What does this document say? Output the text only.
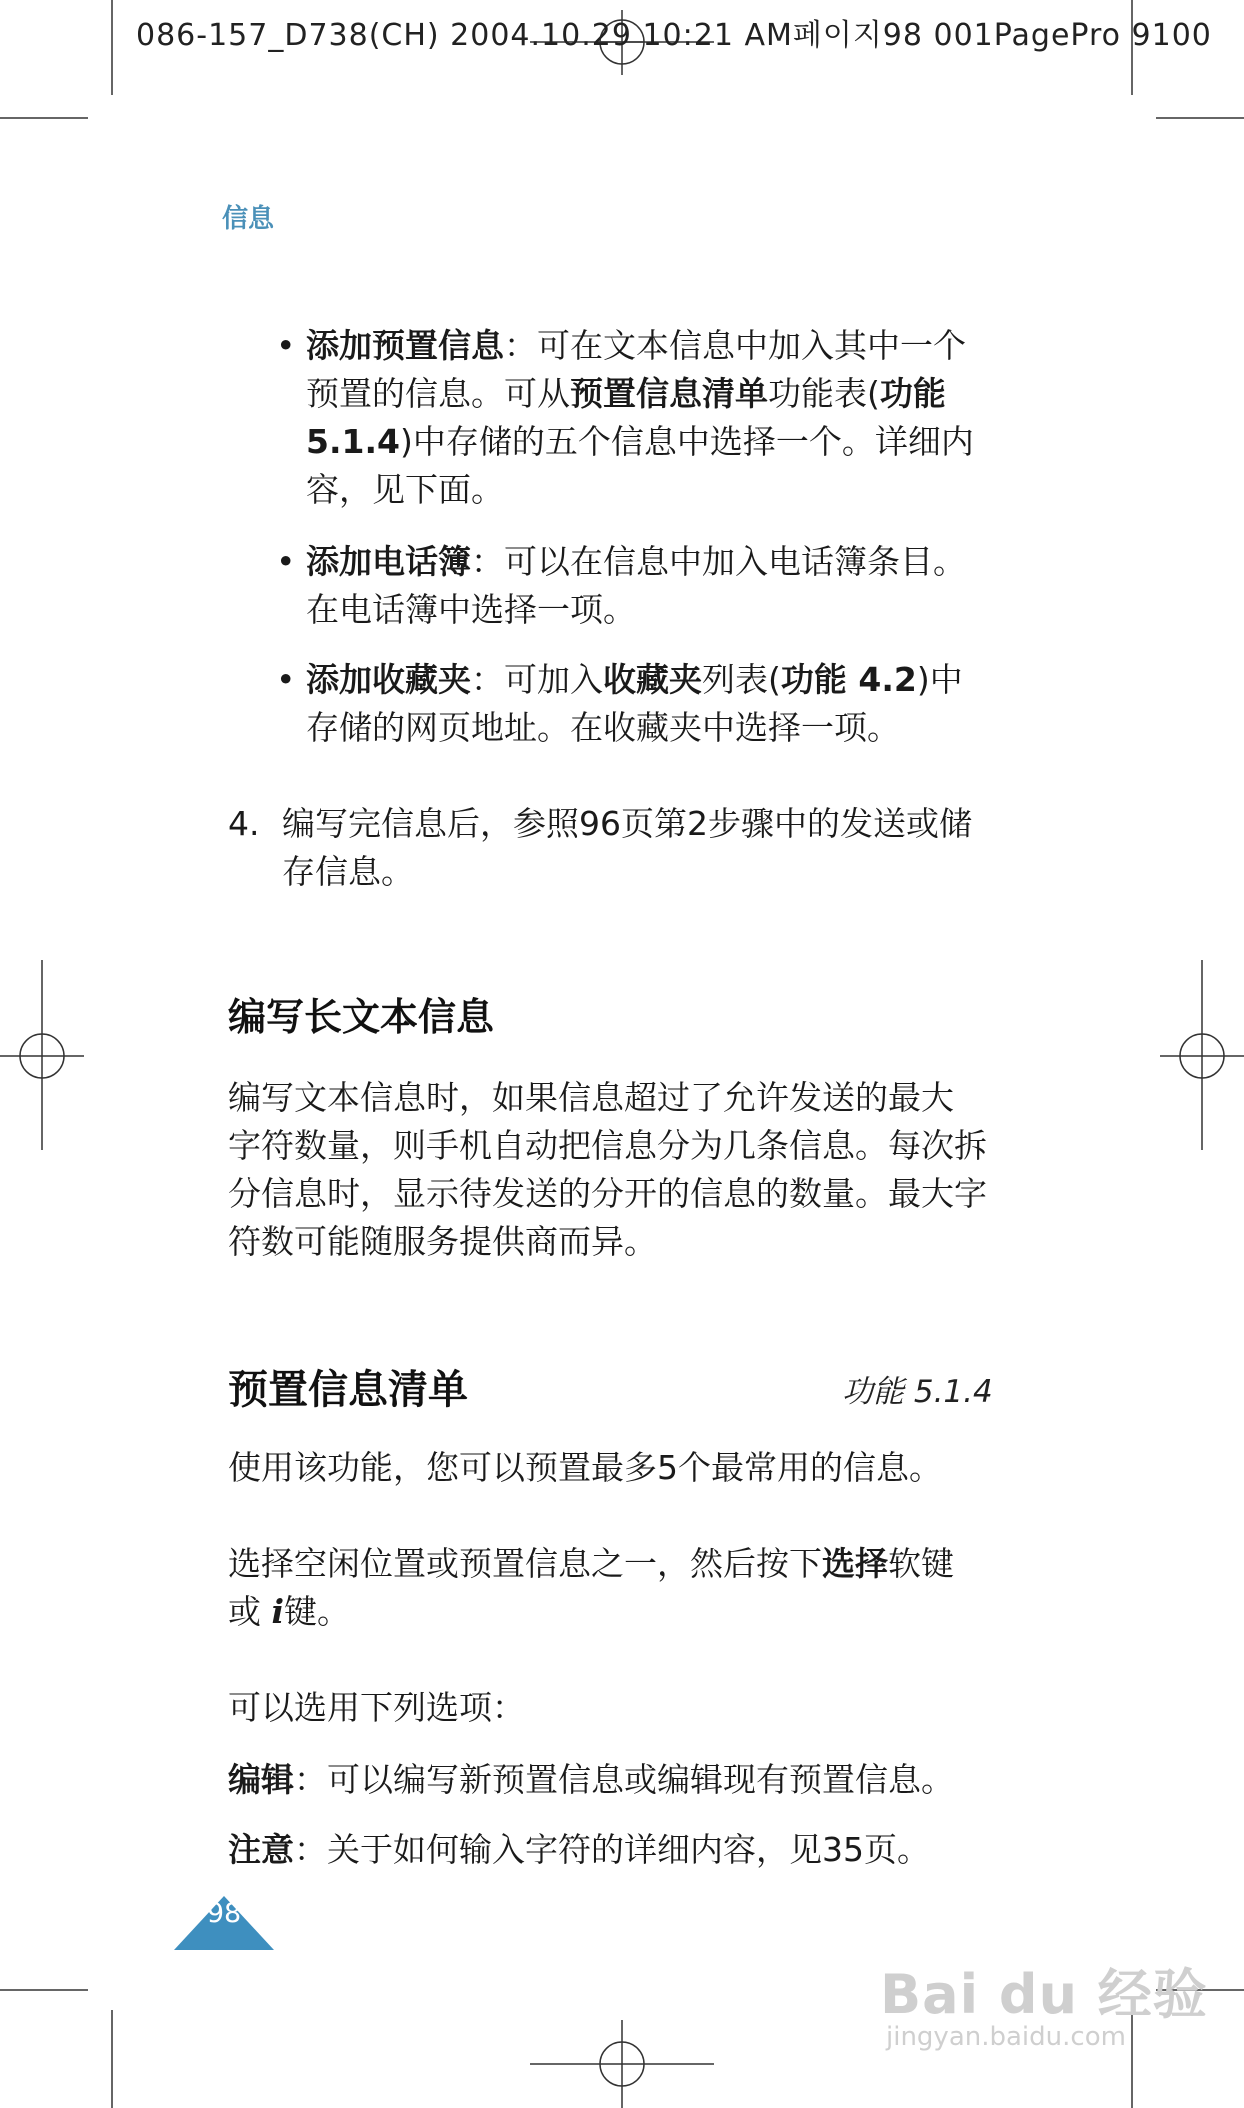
086-157_D738(CH) 2004.10.29 10:21 AM페이지98 001PagePro 9100
信息
• 添加预置信息：可在文本信息中加入其中一个
预置的信息。可从预置信息清单功能表(功能
5.1.4)中存储的五个信息中选择一个。详细内
容，见下面。
• 添加电话簿：可以在信息中加入电话簿条目。
在电话簿中选择一项。
• 添加收藏夹：可加入收藏夹列表(功能 4.2)中
存储的网页地址。在收藏夹中选择一项。
4. 编写完信息后，参照96页第2步骤中的发送或储
存信息。
编写长文本信息
编写文本信息时，如果信息超过了允许发送的最大
字符数量，则手机自动把信息分为几条信息。每次拆
分信息时，显示待发送的分开的信息的数量。最大字
符数可能随服务提供商而异。
预置信息清单	功能 5.1.4
使用该功能，您可以预置最多5个最常用的信息。
选择空闲位置或预置信息之一，然后按下选择软键
或 i键。
可以选用下列选项：
编辑：可以编写新预置信息或编辑现有预置信息。
注意：关于如何输入字符的详细内容，见35页。
98
Bai du 经验
jingyan.baidu.com
